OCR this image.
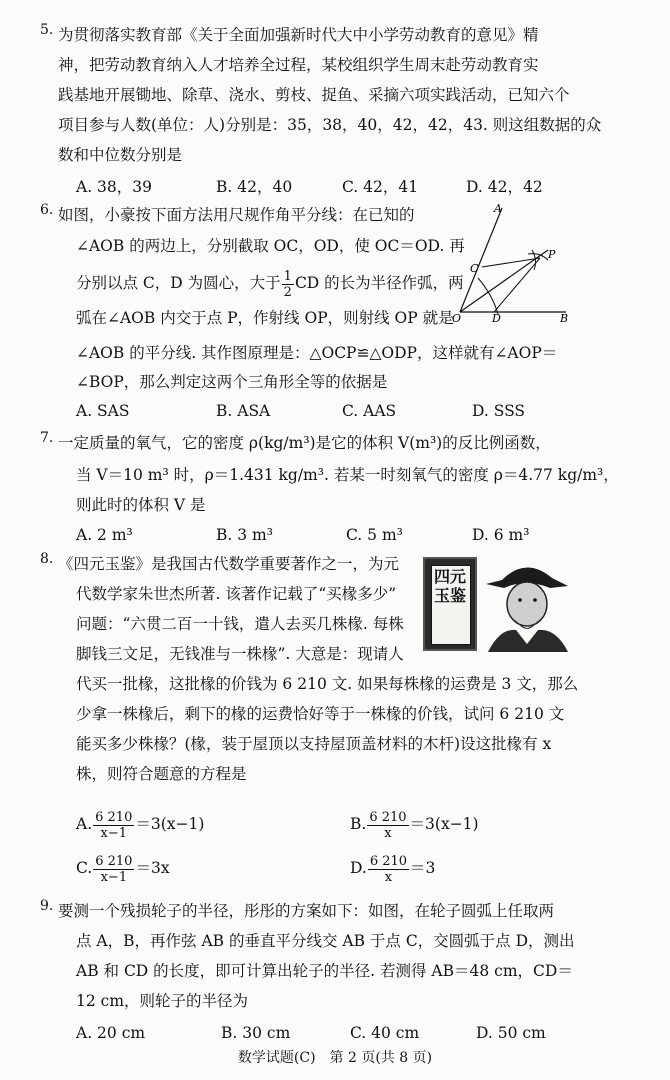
5. 为贯彻落实教育部《关于全面加强新时代大中小学劳动教育的意见》精
神，把劳动教育纳入人才培养全过程，某校组织学生周末赴劳动教育实
践基地开展锄地、除草、浇水、剪枝、捉鱼、采摘六项实践活动，已知六个
项目参与人数(单位：人)分别是：35，38，40，42，42，43. 则这组数据的众
数和中位数分别是
A. 38，39	B. 42，40	C. 42，41	D. 42，42
6. 如图，小豪按下面方法用尺规作角平分线：在已知的
∠AOB 的两边上，分别截取 OC，OD，使 OC＝OD. 再
分别以点 C，D 为圆心，大于 $\frac{1}{2}$ CD 的长为半径作弧，两
弧在∠AOB 内交于点 P，作射线 OP，则射线 OP 就是
∠AOB 的平分线. 其作图原理是：△OCP≌△ODP，这样就有∠AOP＝
∠BOP，那么判定这两个三角形全等的依据是
A. SAS	B. ASA	C. AAS	D. SSS
A
P
C
O	D	B
7. 一定质量的氧气，它的密度 ρ(kg/m³)是它的体积 V(m³)的反比例函数，
当 V＝10 m³ 时，ρ＝1.431 kg/m³. 若某一时刻氧气的密度 ρ＝4.77 kg/m³，
则此时的体积 V 是
A. 2 m³	B. 3 m³	C. 5 m³	D. 6 m³
8. 《四元玉鉴》是我国古代数学重要著作之一，为元
代数学家朱世杰所著. 该著作记载了“买椽多少”
问题：“六贯二百一十钱，遣人去买几株椽. 每株
脚钱三文足，无钱准与一株椽”. 大意是：现请人
代买一批椽，这批椽的价钱为 6 210 文. 如果每株椽的运费是 3 文，那么
少拿一株椽后，剩下的椽的运费恰好等于一株椽的价钱，试问 6 210 文
能买多少株椽？(椽，装于屋顶以支持屋顶盖材料的木杆)设这批椽有 x
株，则符合题意的方程是
A. $\frac{6 210}{x-1} =3(x-1)$	B. $\frac{6 210}{x} =3(x-1)$
C. $\frac{6 210}{x-1} =3x$	D. $\frac{6 210}{x} =3$
四元玉鉴
9. 要测一个残损轮子的半径，彤彤的方案如下：如图，在轮子圆弧上任取两
点 A，B，再作弦 AB 的垂直平分线交 AB 于点 C，交圆弧于点 D，测出
AB 和 CD 的长度，即可计算出轮子的半径. 若测得 AB＝48 cm，CD＝
12 cm，则轮子的半径为
A. 20 cm	B. 30 cm	C. 40 cm	D. 50 cm
数学试题(C)　第 2 页(共 8 页)
